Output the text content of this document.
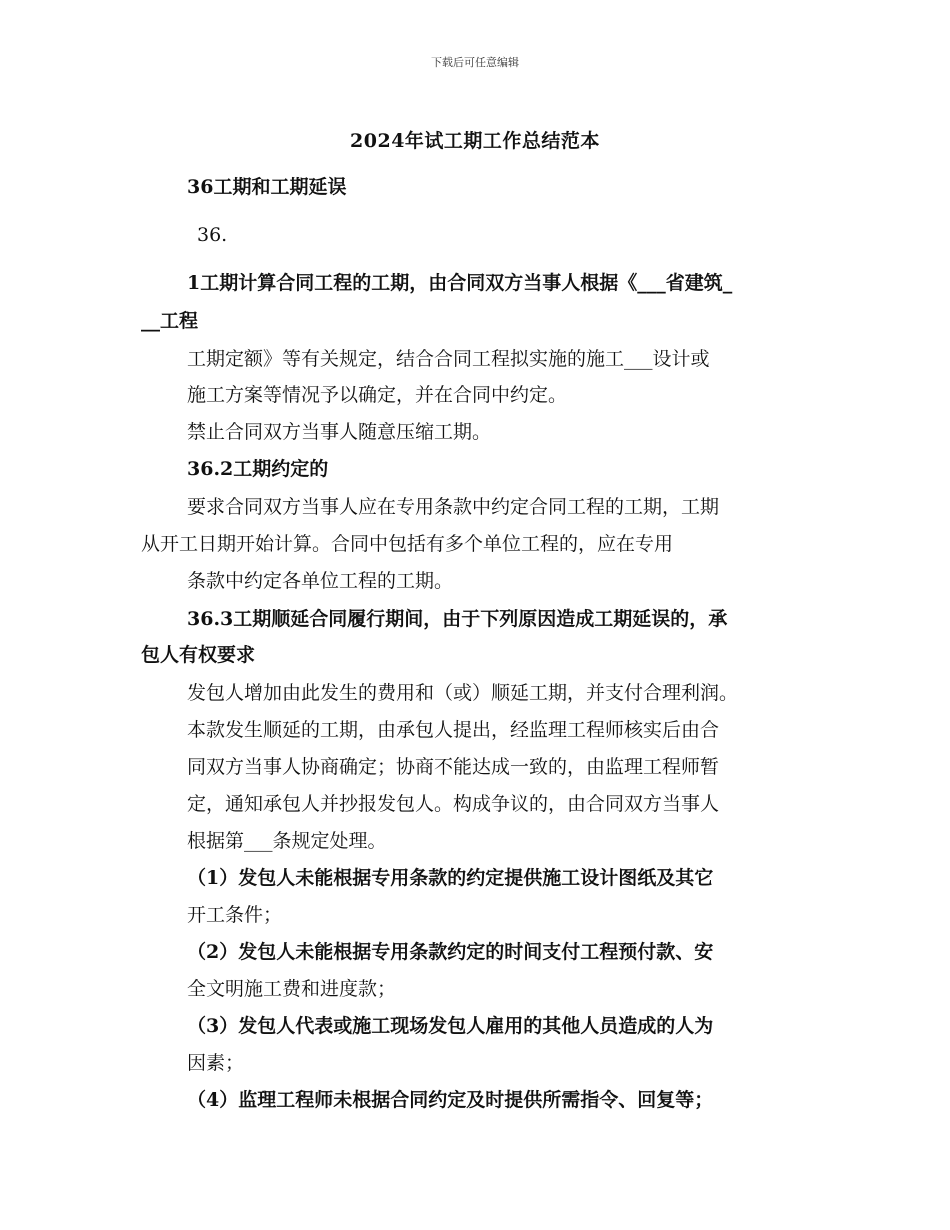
下载后可任意编辑
2024年试工期工作总结范本
36工期和工期延误
36.
1工期计算合同工程的工期，由合同双方当事人根据《___省建筑_
__工程
工期定额》等有关规定，结合合同工程拟实施的施工___设计或
施工方案等情况予以确定，并在合同中约定。
禁止合同双方当事人随意压缩工期。
36.2工期约定的
要求合同双方当事人应在专用条款中约定合同工程的工期，工期
从开工日期开始计算。合同中包括有多个单位工程的，应在专用
条款中约定各单位工程的工期。
36.3工期顺延合同履行期间，由于下列原因造成工期延误的，承
包人有权要求
发包人增加由此发生的费用和（或）顺延工期，并支付合理利润。
本款发生顺延的工期，由承包人提出，经监理工程师核实后由合
同双方当事人协商确定；协商不能达成一致的，由监理工程师暂
定，通知承包人并抄报发包人。构成争议的，由合同双方当事人
根据第___条规定处理。
（1）发包人未能根据专用条款的约定提供施工设计图纸及其它
开工条件；
（2）发包人未能根据专用条款约定的时间支付工程预付款、安
全文明施工费和进度款；
（3）发包人代表或施工现场发包人雇用的其他人员造成的人为
因素；
（4）监理工程师未根据合同约定及时提供所需指令、回复等；
